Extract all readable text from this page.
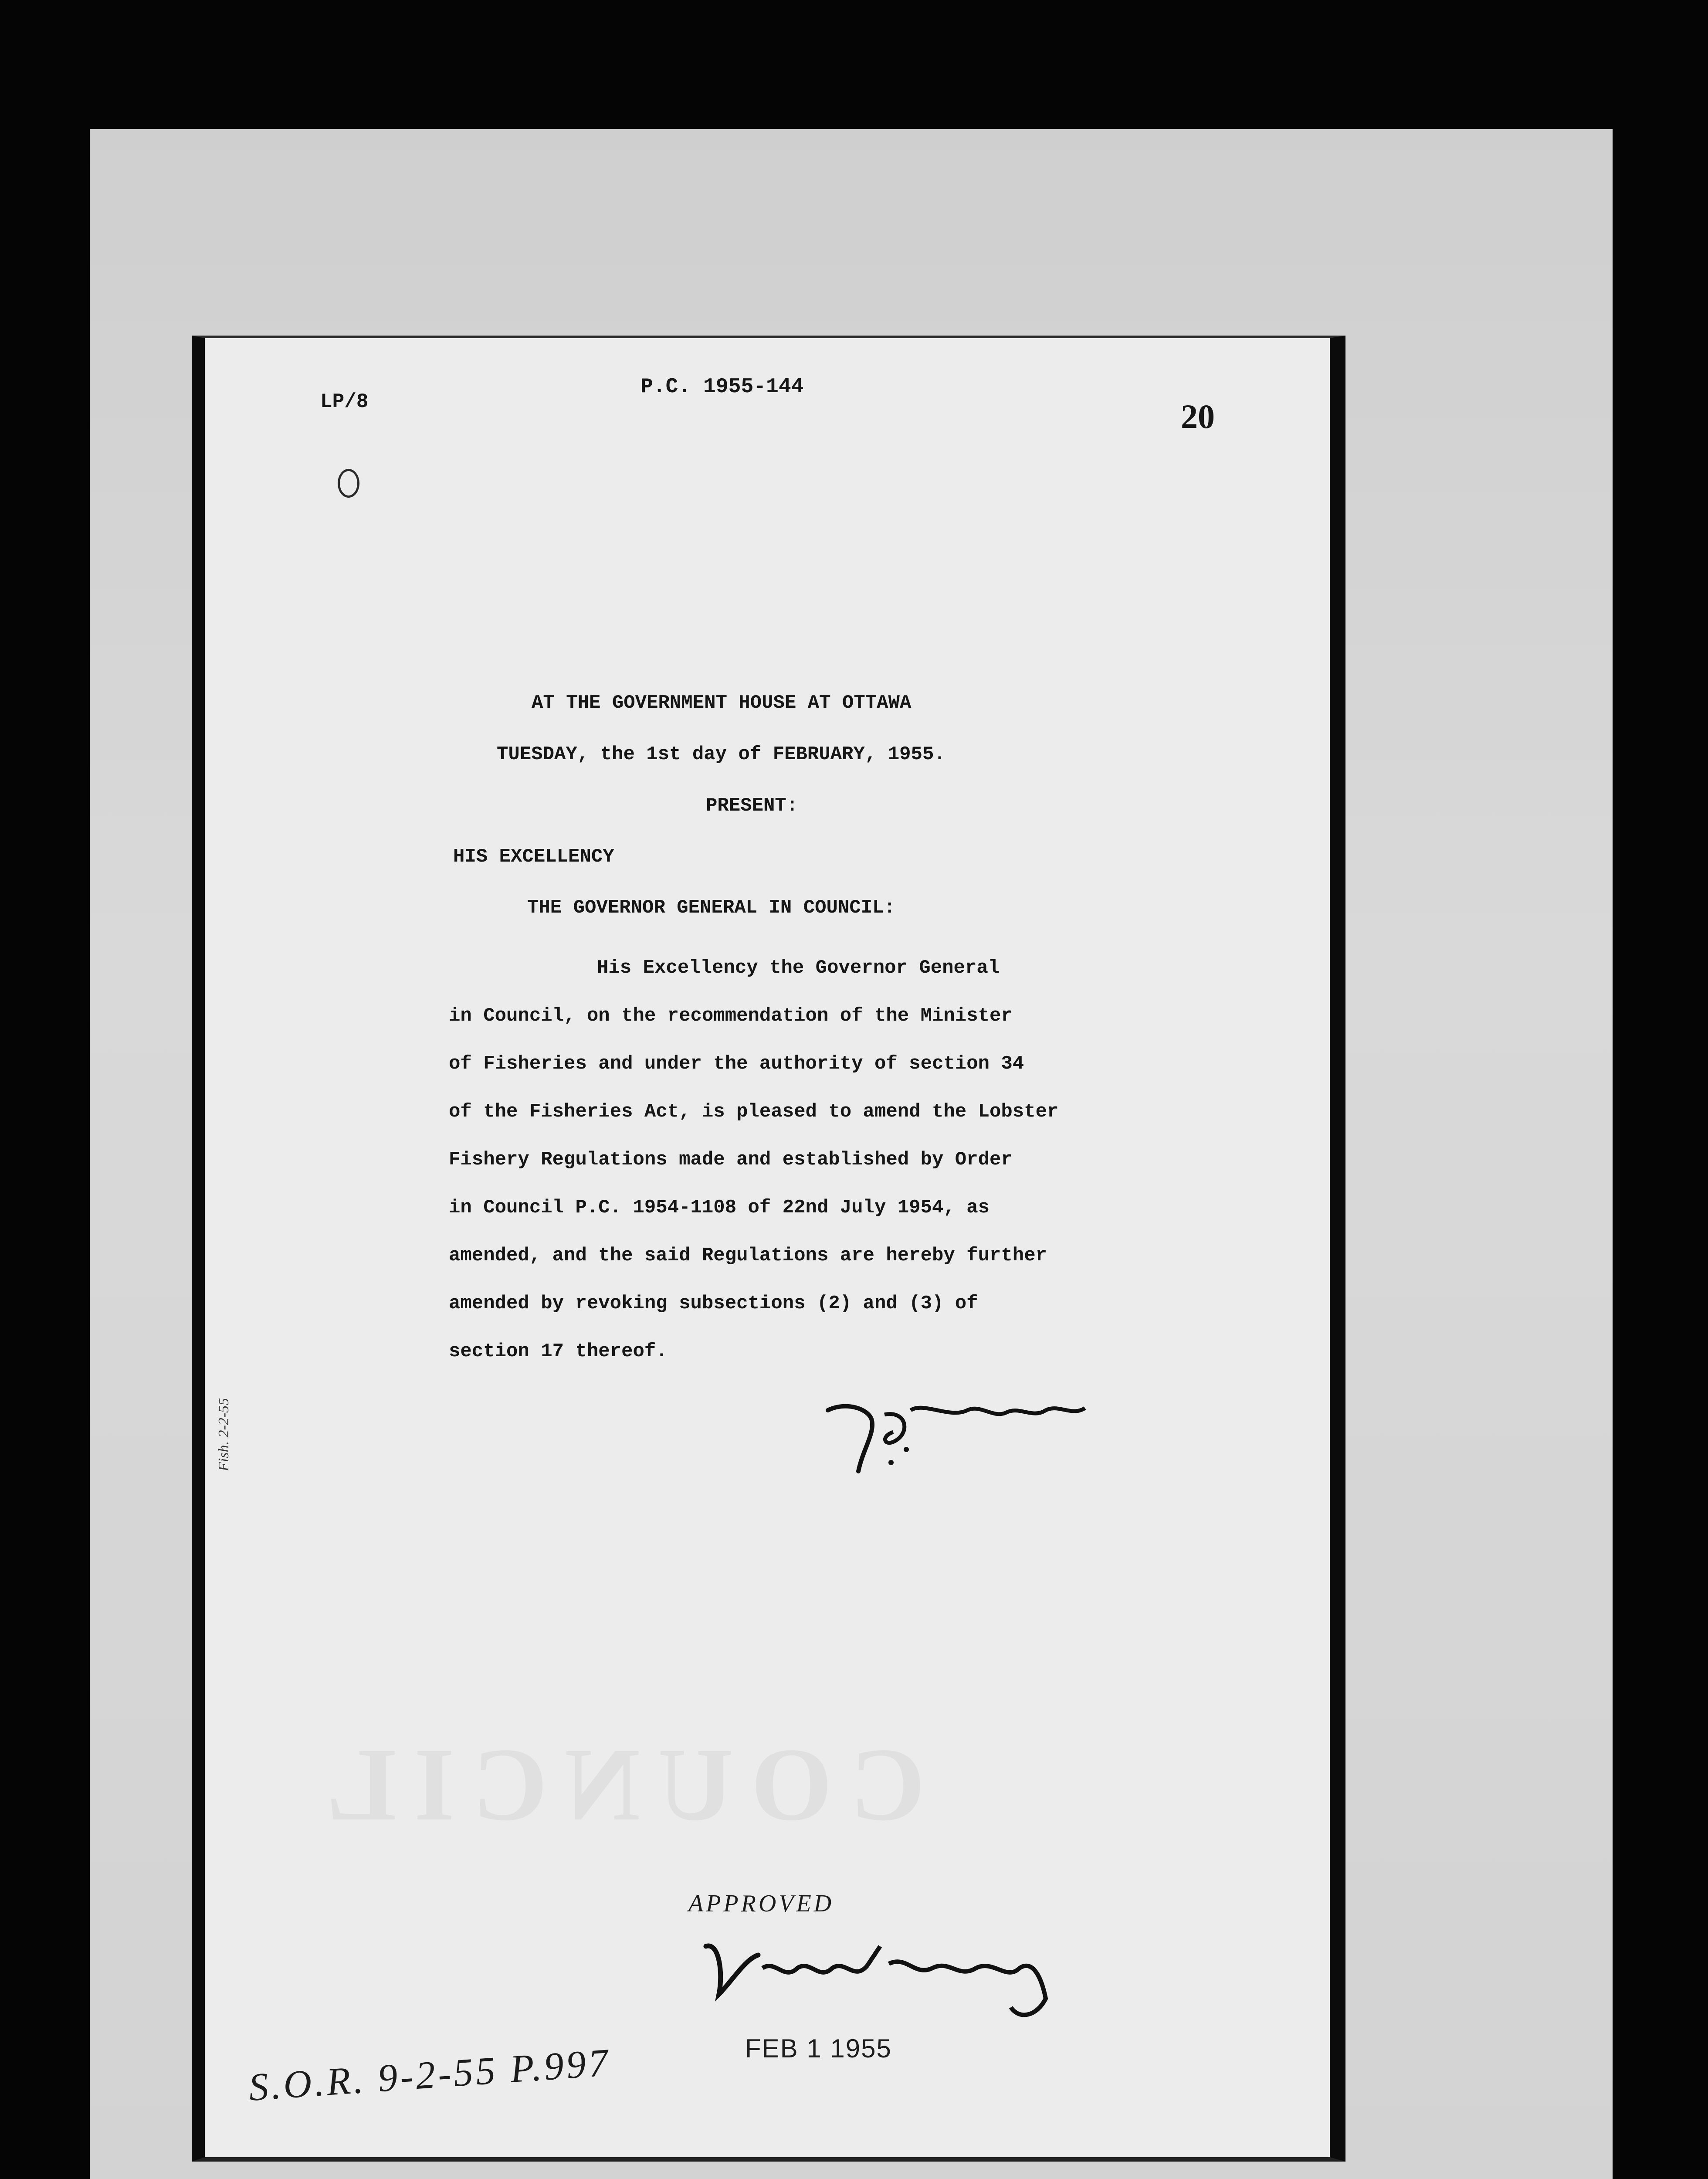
COUNCIL
LP/8
P.C. 1955-144
20
Fish. 2-2-55
AT THE GOVERNMENT HOUSE AT OTTAWA
TUESDAY, the 1st day of FEBRUARY, 1955.
PRESENT:
HIS EXCELLENCY
THE GOVERNOR GENERAL IN COUNCIL:
His Excellency the Governor General
in Council, on the recommendation of the Minister
of Fisheries and under the authority of section 34
of the Fisheries Act, is pleased to amend the Lobster
Fishery Regulations made and established by Order
in Council P.C. 1954-1108 of 22nd July 1954, as
amended, and the said Regulations are hereby further
amended by revoking subsections (2) and (3) of
section 17 thereof.
APPROVED
FEB 1 1955
S.O.R. 9-2-55 P.997
